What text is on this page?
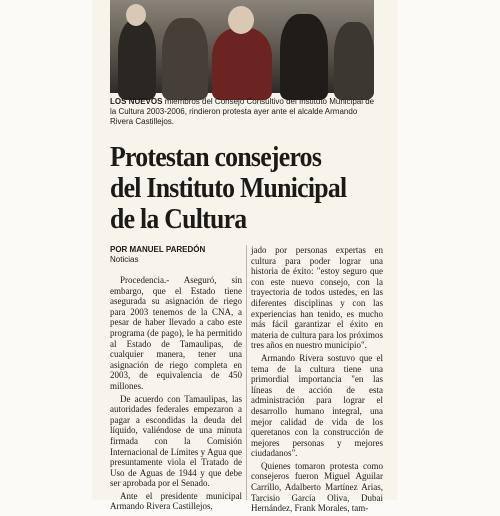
LOS NUEVOS miembros del Consejo Consultivo del Instituto Municipal de la Cultura 2003-2006, rindieron protesta ayer ante el alcalde Armando Rivera Castillejos.
Protestan consejeros
del Instituto Municipal
de la Cultura
POR MANUEL PAREDÓN
Noticias

Procedencia.- Aseguró, sin embargo, que el Estado tiene asegurada su asignación de riego para 2003 tenemos de la CNA, a pesar de haber llevado a cabo este programa (de pago), le ha permitido al Estado de Tamaulipas, de cualquier manera, tener una asignación de riego completa en 2003, de equivalencia de 450 millones.

De acuerdo con Tamaulipas, las autoridades federales empezaron a pagar a escondidas la deuda del líquido, valiéndose de una minuta firmada con la Comisión Internacional de Límites y Agua que presuntamente viola el Tratado de Uso de Aguas de 1944 y que debe ser aprobada por el Senado.

Ante el presidente municipal Armando Rivera Castillejos,

jado por personas expertas en cultura para poder lograr una historia de éxito: "estoy seguro que con este nuevo consejo, con la trayectoria de todos ustedes, en las diferentes disciplinas y con las experiencias han tenido, es mucho más fácil garantizar el éxito en materia de cultura para los próximos tres años en nuestro municipio".

Armando Rivera sostuvo que el tema de la cultura tiene una primordial importancia "en las líneas de acción de esta administración para lograr el desarrollo humano integral, una mejor calidad de vida de los queretanos con la construcción de mejores personas y mejores ciudadanos".

Quienes tomaron protesta como consejeros fueron Miguel Aguilar Carrillo, Adalberto Martínez Arias, Tarcisio García Oliva, Dubai Hernández, Frank Morales, tam-
